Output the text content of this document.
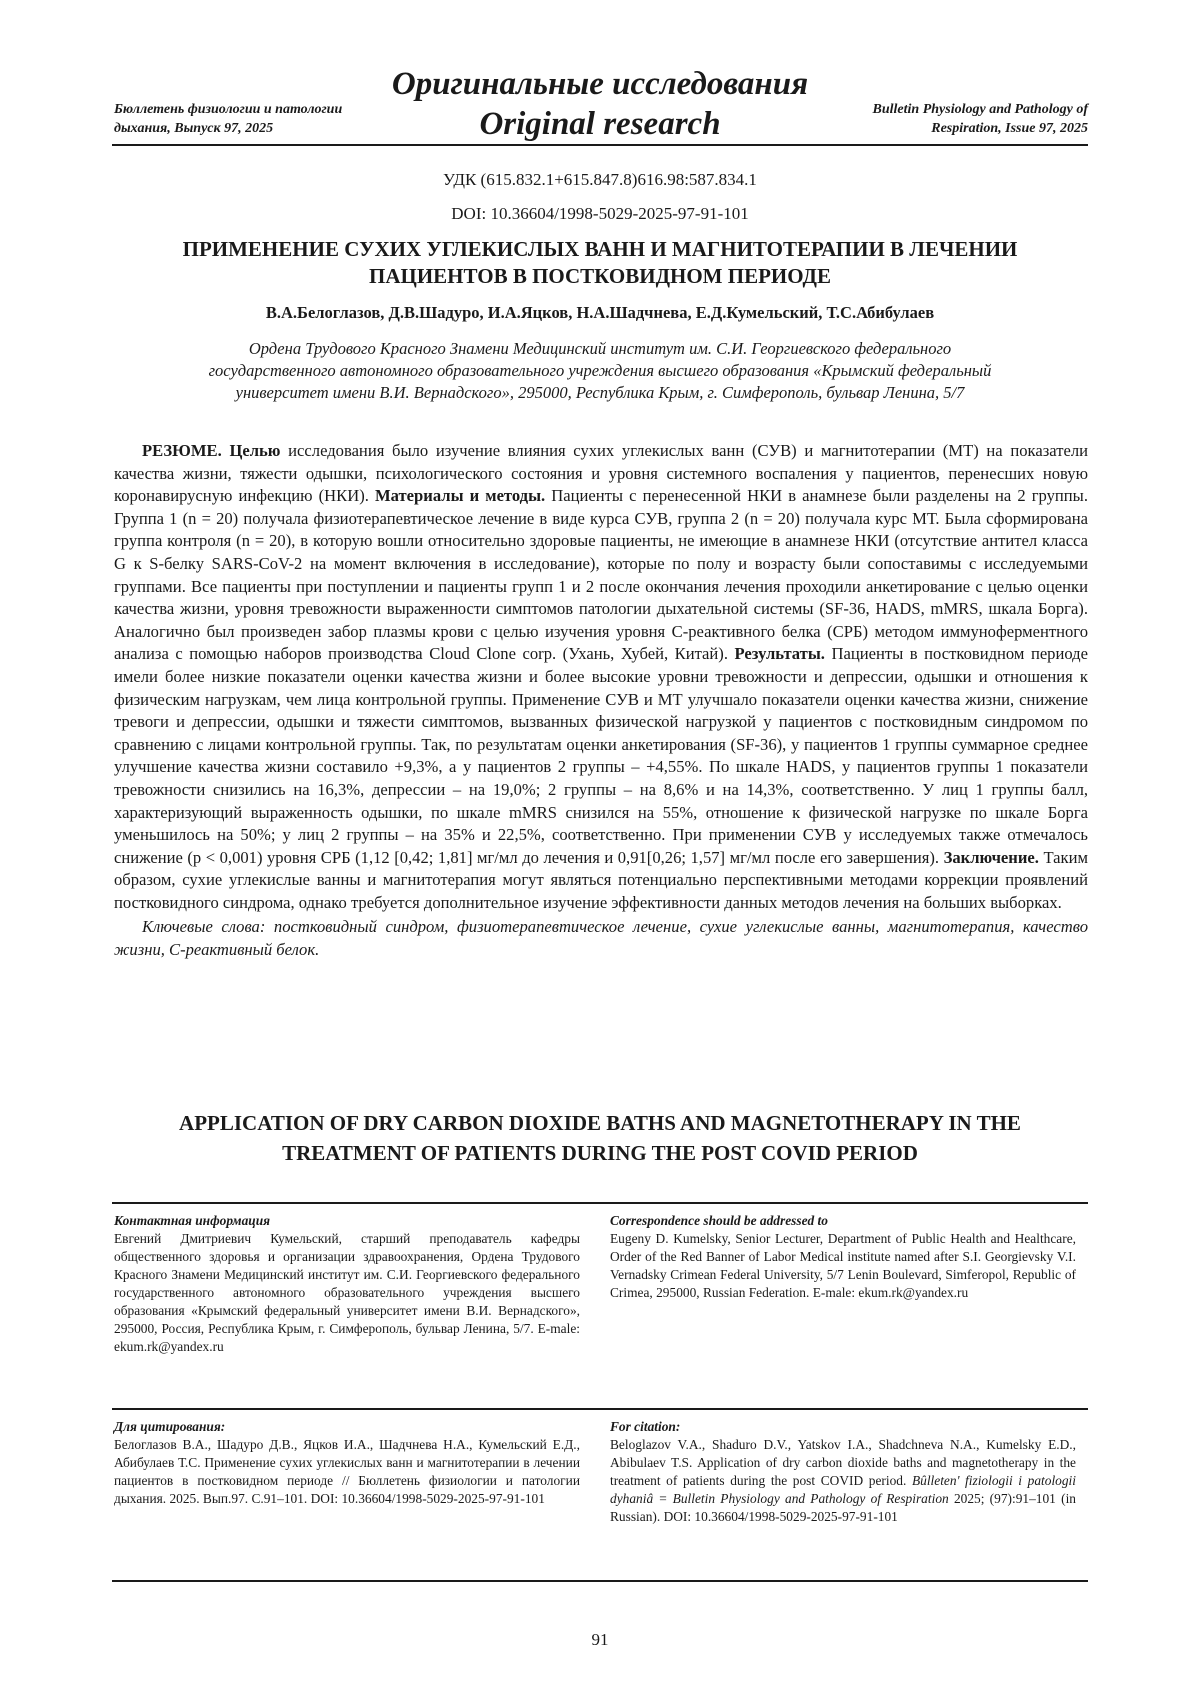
Бюллетень физиологии и патологии
дыхания, Выпуск 97, 2025
Оригинальные исследования
Original research	Bulletin Physiology and Pathology of
Respiration, Issue 97, 2025
УДК (615.832.1+615.847.8)616.98:587.834.1
DOI: 10.36604/1998-5029-2025-97-91-101
ПРИМЕНЕНИЕ СУХИХ УГЛЕКИСЛЫХ ВАНН И МАГНИТОТЕРАПИИ В ЛЕЧЕНИИ
ПАЦИЕНТОВ В ПОСТКОВИДНОМ ПЕРИОДЕ
В.А.Белоглазов, Д.В.Шадуро, И.А.Яцков, Н.А.Шадчнева, Е.Д.Кумельский, Т.С.Абибулаев
Ордена Трудового Красного Знамени Медицинский институт им. С.И. Георгиевского федерального
государственного автономного образовательного учреждения высшего образования «Крымский федеральный
университет имени В.И. Вернадского», 295000, Республика Крым, г. Симферополь, бульвар Ленина, 5/7

РЕЗЮМЕ. Целью исследования было изучение влияния сухих углекислых ванн (СУВ) и магнитотерапии (МТ) на показатели качества жизни, тяжести одышки, психологического состояния и уровня системного воспаления у пациентов, перенесших новую коронавирусную инфекцию (НКИ). Материалы и методы. Пациенты с перенесенной НКИ в анамнезе были разделены на 2 группы. Группа 1 (n = 20) получала физиотерапевтическое лечение в виде курса СУВ, группа 2 (n = 20) получала курс МТ. Была сформирована группа контроля (n = 20), в которую вошли относительно здоровые пациенты, не имеющие в анамнезе НКИ (отсутствие антител класса G к S-белку SARS-CoV-2 на момент включения в исследование), которые по полу и возрасту были сопоставимы с исследуемыми группами. Все пациенты при поступлении и пациенты групп 1 и 2 после окончания лечения проходили анкетирование с целью оценки качества жизни, уровня тревожности выраженности симптомов патологии дыхательной системы (SF-36, HADS, mMRS, шкала Борга). Аналогично был произведен забор плазмы крови с целью изучения уровня С-реактивного белка (СРБ) методом иммуноферментного анализа с помощью наборов производства Cloud Clone corp. (Ухань, Хубей, Китай). Результаты. Пациенты в постковидном периоде имели более низкие показатели оценки качества жизни и более высокие уровни тревожности и депрессии, одышки и отношения к физическим нагрузкам, чем лица контрольной группы. Применение СУВ и МТ улучшало показатели оценки качества жизни, снижение тревоги и депрессии, одышки и тяжести симптомов, вызванных физической нагрузкой у пациентов с постковидным синдромом по сравнению с лицами контрольной группы. Так, по результатам оценки анкетирования (SF-36), у пациентов 1 группы суммарное среднее улучшение качества жизни составило +9,3%, а у пациентов 2 группы – +4,55%. По шкале HADS, у пациентов группы 1 показатели тревожности снизились на 16,3%, депрессии – на 19,0%; 2 группы – на 8,6% и на 14,3%, соответственно. У лиц 1 группы балл, характеризующий выраженность одышки, по шкале mMRS снизился на 55%, отношение к физической нагрузке по шкале Борга уменьшилось на 50%; у лиц 2 группы – на 35% и 22,5%, соответственно. При применении СУВ у исследуемых также отмечалось снижение (р < 0,001) уровня СРБ (1,12 [0,42; 1,81] мг/мл до лечения и 0,91[0,26; 1,57] мг/мл после его завершения). Заключение. Таким образом, сухие углекислые ванны и магнитотерапия могут являться потенциально перспективными методами коррекции проявлений постковидного синдрома, однако требуется дополнительное изучение эффективности данных методов лечения на больших выборках.

Ключевые слова: постковидный синдром, физиотерапевтическое лечение, сухие углекислые ванны, магнитотерапия, качество жизни, С-реактивный белок.

APPLICATION OF DRY CARBON DIOXIDE BATHS AND MAGNETOTHERAPY IN THE
TREATMENT OF PATIENTS DURING THE POST COVID PERIOD
Контактная информация

Евгений Дмитриевич Кумельский, старший преподаватель кафедры общественного здоровья и организации здравоохранения, Ордена Трудового Красного Знамени Медицинский институт им. С.И. Георгиевского федерального государственного автономного образовательного учреждения высшего образования «Крымский федеральный университет имени В.И. Вернадского», 295000, Россия, Республика Крым, г. Симферополь, бульвар Ленина, 5/7. E-male: ekum.rk@yandex.ru

Correspondence should be addressed to

Eugeny D. Kumelsky, Senior Lecturer, Department of Public Health and Healthcare, Order of the Red Banner of Labor Medical institute named after S.I. Georgievsky V.I. Vernadsky Crimean Federal University, 5/7 Lenin Boulevard, Simferopol, Republic of Crimea, 295000, Russian Federation. E-male: ekum.rk@yandex.ru

Для цитирования:

Белоглазов В.А., Шадуро Д.В., Яцков И.А., Шадчнева Н.А., Кумельский Е.Д., Абибулаев Т.С. Применение сухих углекислых ванн и магнитотерапии в лечении пациентов в постковидном периоде // Бюллетень физиологии и патологии дыхания. 2025. Вып.97. С.91–101. DOI: 10.36604/1998-5029-2025-97-91-101

For citation:

Beloglazov V.A., Shaduro D.V., Yatskov I.A., Shadchneva N.A., Kumelsky E.D., Abibulaev T.S. Application of dry carbon dioxide baths and magnetotherapy in the treatment of patients during the post COVID period. Bûlleten' fiziologii i patologii dyhaniâ = Bulletin Physiology and Pathology of Respiration 2025; (97):91–101 (in Russian). DOI: 10.36604/1998-5029-2025-97-91-101

91
